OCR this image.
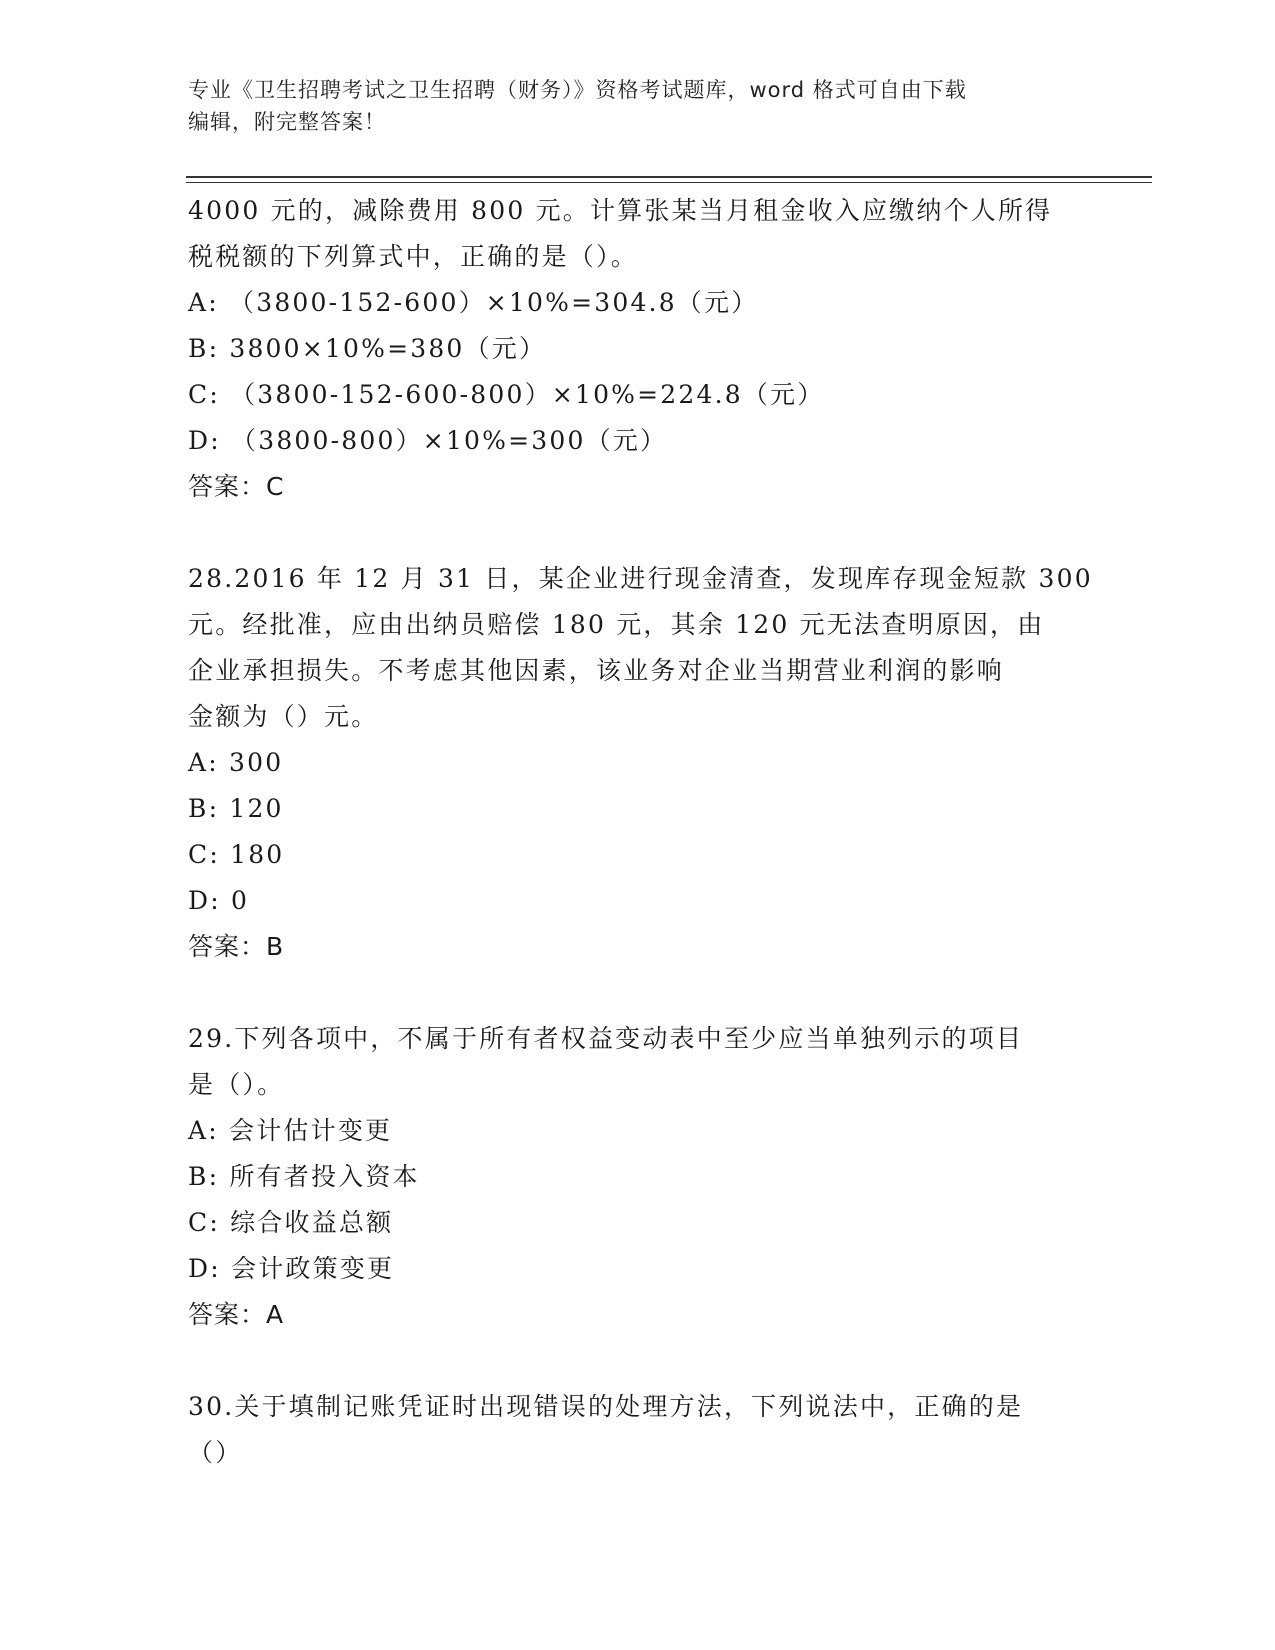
专业《卫生招聘考试之卫生招聘（财务）》资格考试题库，word 格式可自由下载
编辑，附完整答案！
4000 元的，减除费用 800 元。计算张某当月租金收入应缴纳个人所得
税税额的下列算式中，正确的是（）。
A: （3800-152-600）×10%=304.8（元）
B: 3800×10%=380（元）
C: （3800-152-600-800）×10%=224.8（元）
D: （3800-800）×10%=300（元）
答案：C
28.2016 年 12 月 31 日，某企业进行现金清查，发现库存现金短款 300
元。经批准，应由出纳员赔偿 180 元，其余 120 元无法查明原因，由
企业承担损失。不考虑其他因素，该业务对企业当期营业利润的影响
金额为（）元。
A: 300
B: 120
C: 180
D: 0
答案：B
29.下列各项中，不属于所有者权益变动表中至少应当单独列示的项目
是（）。
A: 会计估计变更
B: 所有者投入资本
C: 综合收益总额
D: 会计政策变更
答案：A
30.关于填制记账凭证时出现错误的处理方法，下列说法中，正确的是
（）
